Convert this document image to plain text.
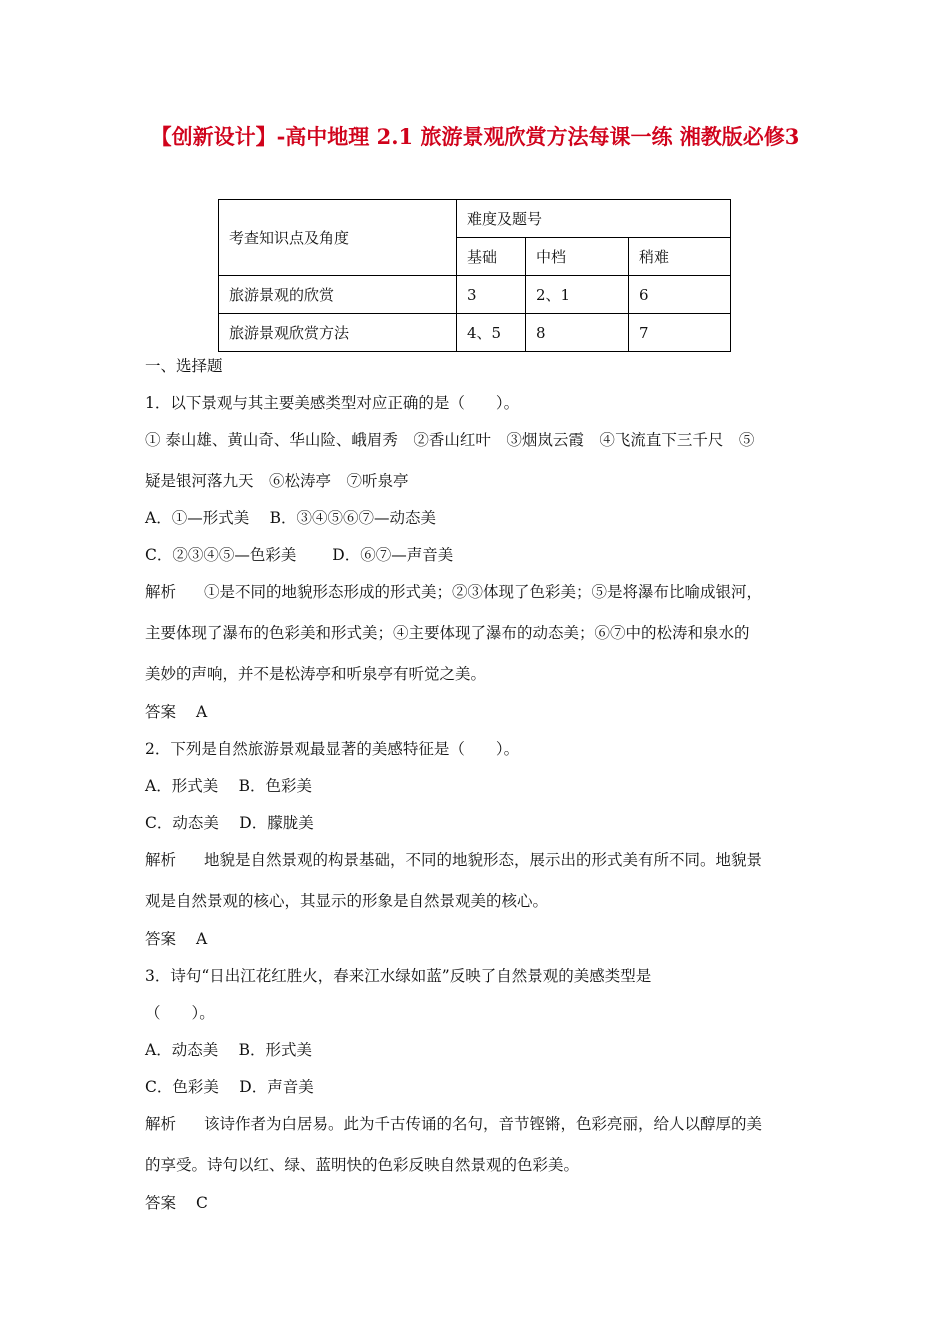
【创新设计】-高中地理 2.1 旅游景观欣赏方法每课一练 湘教版必修3
考查知识点及角度	难度及题号		
	基础	中档	稍难
旅游景观的欣赏	3	2、1	6
旅游景观欣赏方法	4、5	8	7
一、选择题
1．以下景观与其主要美感类型对应正确的是（　　）。
① 泰山雄、黄山奇、华山险、峨眉秀　②香山红叶　③烟岚云霞　④飞流直下三千尺　⑤
疑是银河落九天　⑥松涛亭　⑦听泉亭
A．①—形式美　 B．③④⑤⑥⑦—动态美
C．②③④⑤—色彩美　　 D．⑥⑦—声音美
解析 ①是不同的地貌形态形成的形式美；②③体现了色彩美；⑤是将瀑布比喻成银河，
主要体现了瀑布的色彩美和形式美；④主要体现了瀑布的动态美；⑥⑦中的松涛和泉水的
美妙的声响，并不是松涛亭和听泉亭有听觉之美。
答案 A
2．下列是自然旅游景观最显著的美感特征是（　　）。
A．形式美　 B．色彩美
C．动态美　 D．朦胧美
解析 地貌是自然景观的构景基础，不同的地貌形态，展示出的形式美有所不同。地貌景
观是自然景观的核心，其显示的形象是自然景观美的核心。
答案 A
3．诗句“日出江花红胜火，春来江水绿如蓝”反映了自然景观的美感类型是
（　　）。
A．动态美　 B．形式美
C．色彩美　 D．声音美
解析 该诗作者为白居易。此为千古传诵的名句，音节铿锵，色彩亮丽，给人以醇厚的美
的享受。诗句以红、绿、蓝明快的色彩反映自然景观的色彩美。
答案 C
